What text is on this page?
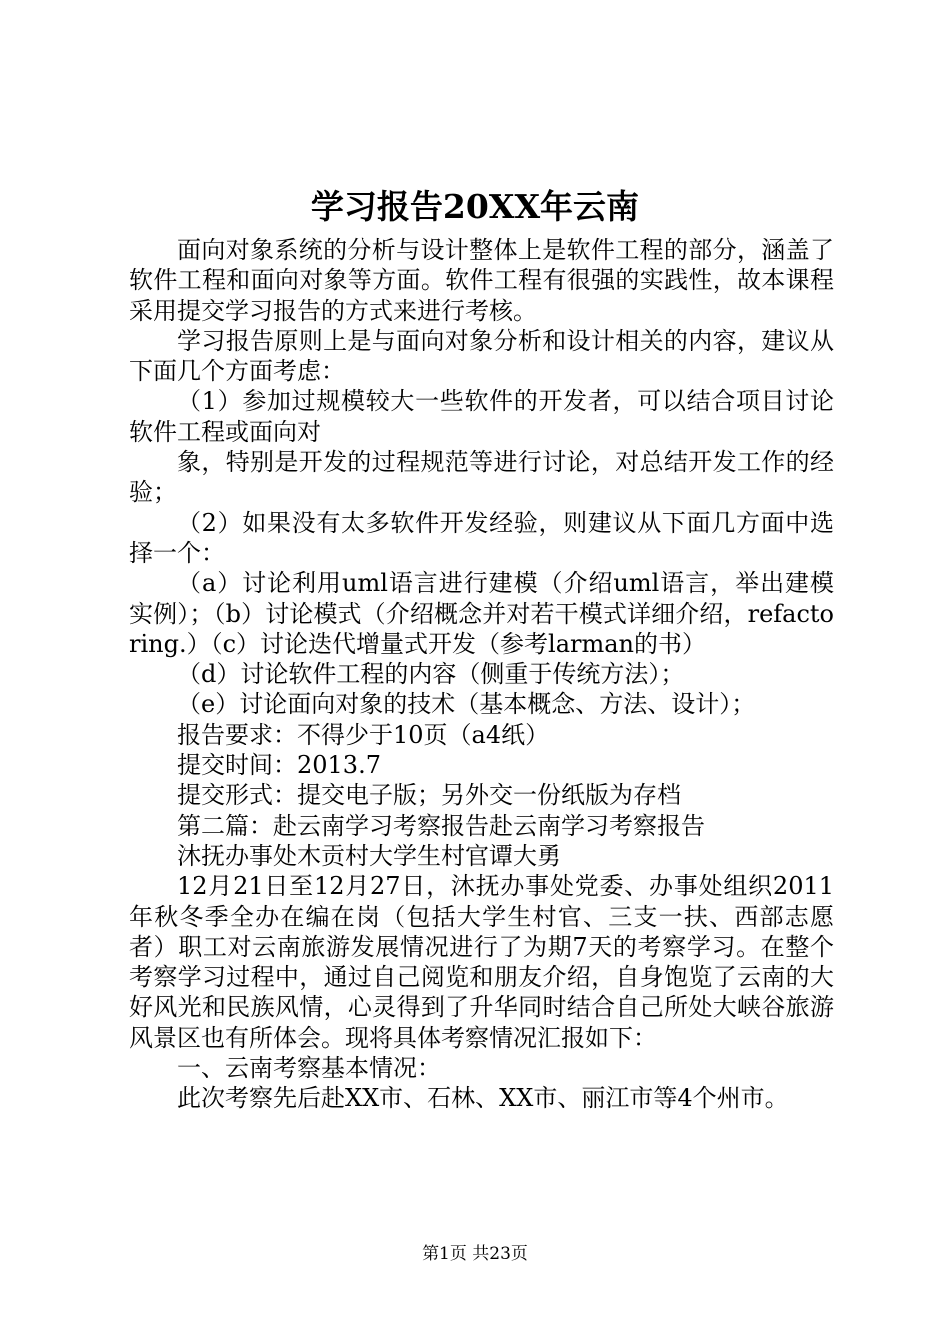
学习报告20XX年云南

面向对象系统的分析与设计整体上是软件工程的部分，涵盖了软件工程和面向对象等方面。软件工程有很强的实践性，故本课程采用提交学习报告的方式来进行考核。

学习报告原则上是与面向对象分析和设计相关的内容，建议从下面几个方面考虑：

（1）参加过规模较大一些软件的开发者，可以结合项目讨论软件工程或面向对

象，特别是开发的过程规范等进行讨论，对总结开发工作的经验；

（2）如果没有太多软件开发经验，则建议从下面几方面中选择一个：

（a）讨论利用uml语言进行建模（介绍uml语言，举出建模实例）；（b）讨论模式（介绍概念并对若干模式详细介绍，refactoring.）（c）讨论迭代增量式开发（参考larman的书）

（d）讨论软件工程的内容（侧重于传统方法）；

（e）讨论面向对象的技术（基本概念、方法、设计）；

报告要求：不得少于10页（a4纸）

提交时间：2013.7

提交形式：提交电子版；另外交一份纸版为存档

第二篇：赴云南学习考察报告赴云南学习考察报告

沐抚办事处木贡村大学生村官谭大勇

12月21日至12月27日，沐抚办事处党委、办事处组织2011年秋冬季全办在编在岗（包括大学生村官、三支一扶、西部志愿者）职工对云南旅游发展情况进行了为期7天的考察学习。在整个考察学习过程中，通过自己阅览和朋友介绍，自身饱览了云南的大好风光和民族风情，心灵得到了升华同时结合自己所处大峡谷旅游风景区也有所体会。现将具体考察情况汇报如下：

一、云南考察基本情况：

此次考察先后赴XX市、石林、XX市、丽江市等4个州市。

第1页 共23页
